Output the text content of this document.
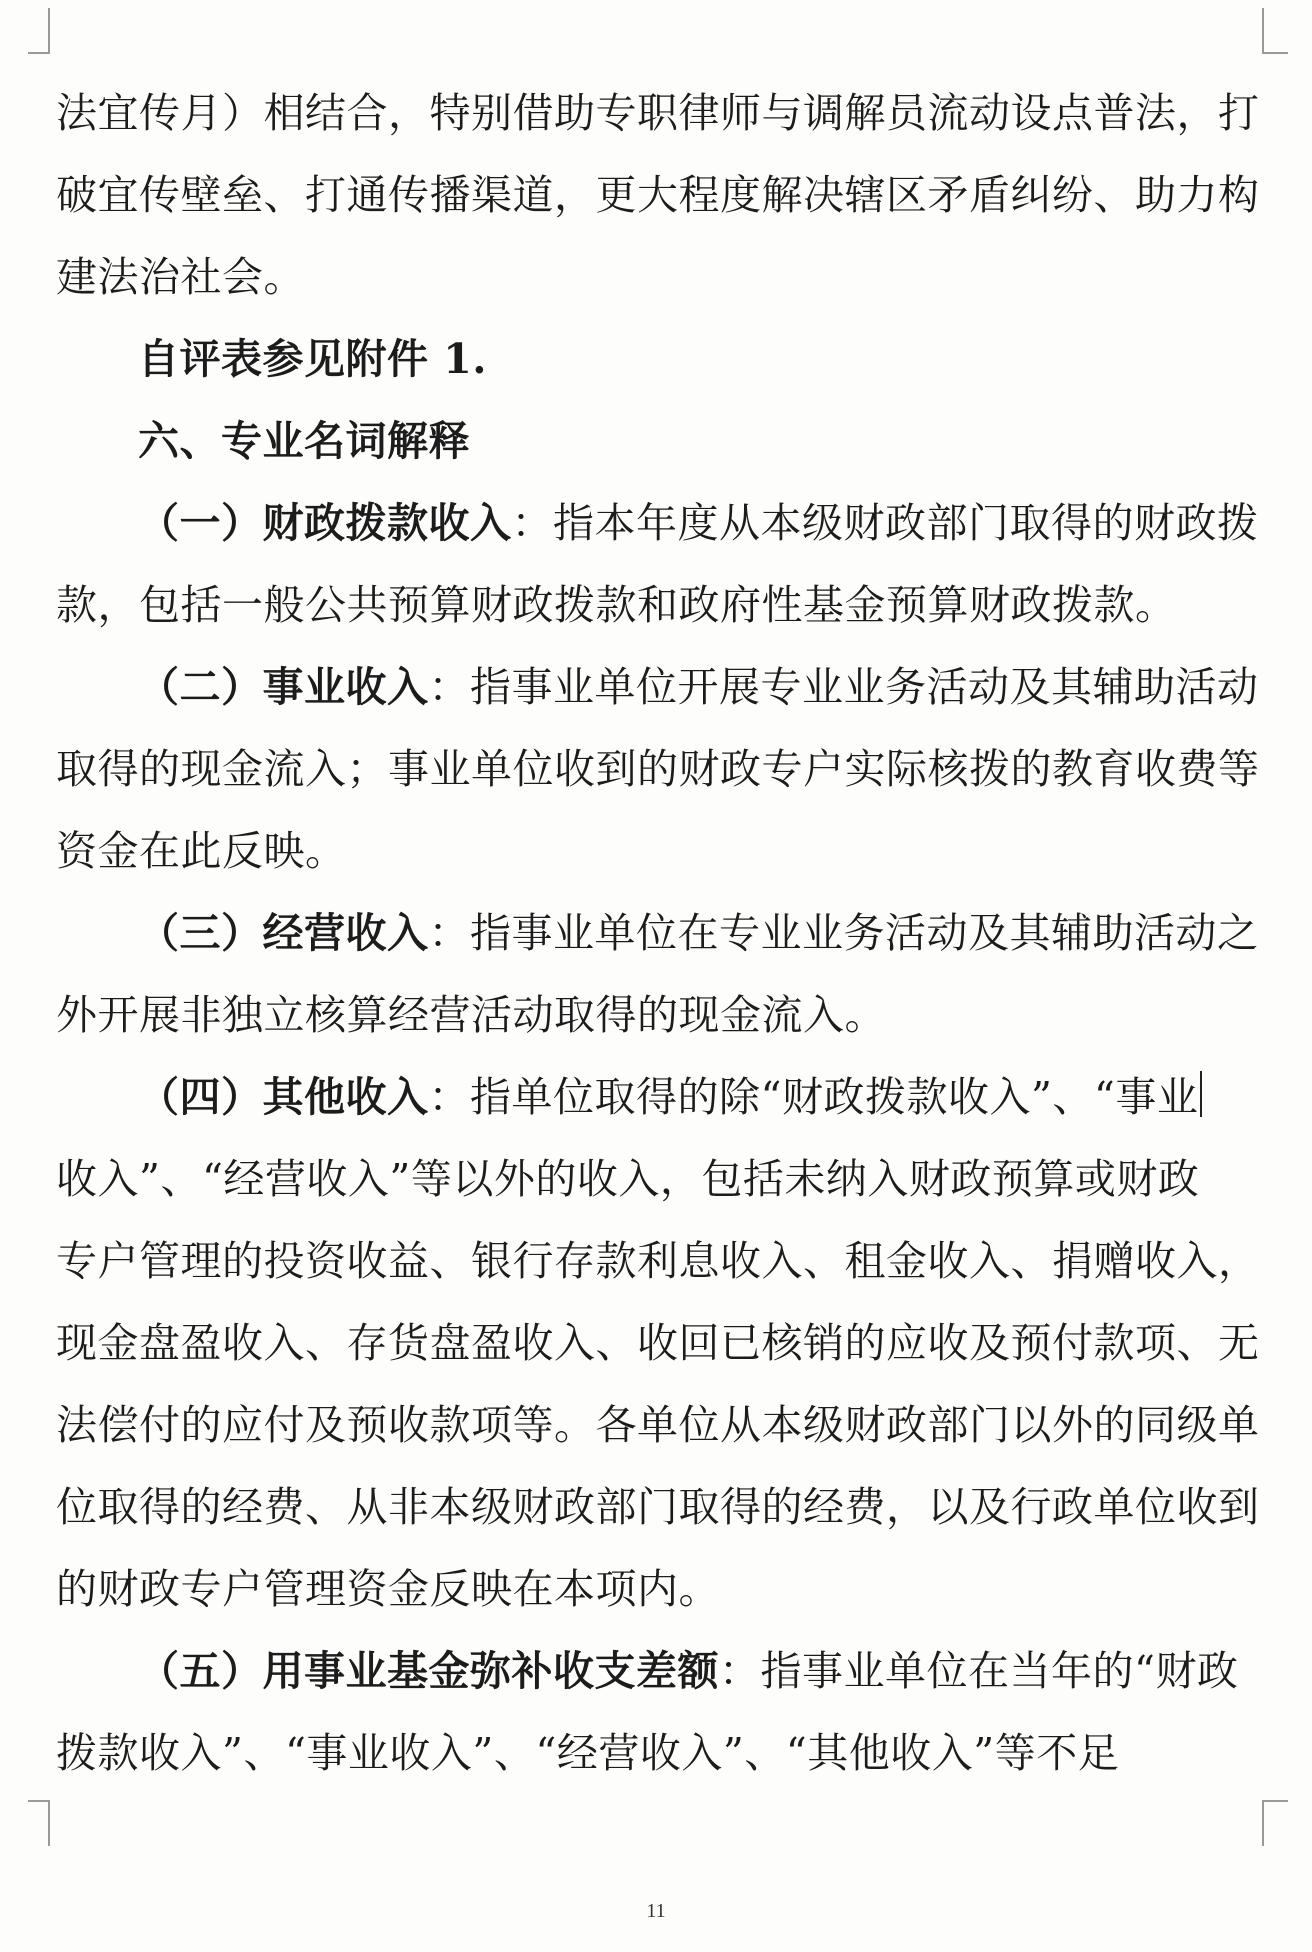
法宜传月）相结合，特别借助专职律师与调解员流动设点普法，打
破宜传壁垒、打通传播渠道，更大程度解决辖区矛盾纠纷、助力构
建法治社会。
自评表参见附件 1.
六、专业名词解释
（一）财政拨款收入：指本年度从本级财政部门取得的财政拨
款，包括一般公共预算财政拨款和政府性基金预算财政拨款。
（二）事业收入：指事业单位开展专业业务活动及其辅助活动
取得的现金流入；事业单位收到的财政专户实际核拨的教育收费等
资金在此反映。
（三）经营收入：指事业单位在专业业务活动及其辅助活动之
外开展非独立核算经营活动取得的现金流入。
（四）其他收入：指单位取得的除“财政拨款收入”、“事业
收入”、“经营收入”等以外的收入，包括未纳入财政预算或财政
专户管理的投资收益、银行存款利息收入、租金收入、捐赠收入，
现金盘盈收入、存货盘盈收入、收回已核销的应收及预付款项、无
法偿付的应付及预收款项等。各单位从本级财政部门以外的同级单
位取得的经费、从非本级财政部门取得的经费，以及行政单位收到
的财政专户管理资金反映在本项内。
（五）用事业基金弥补收支差额：指事业单位在当年的“财政
拨款收入”、“事业收入”、“经营收入”、“其他收入”等不足
11
